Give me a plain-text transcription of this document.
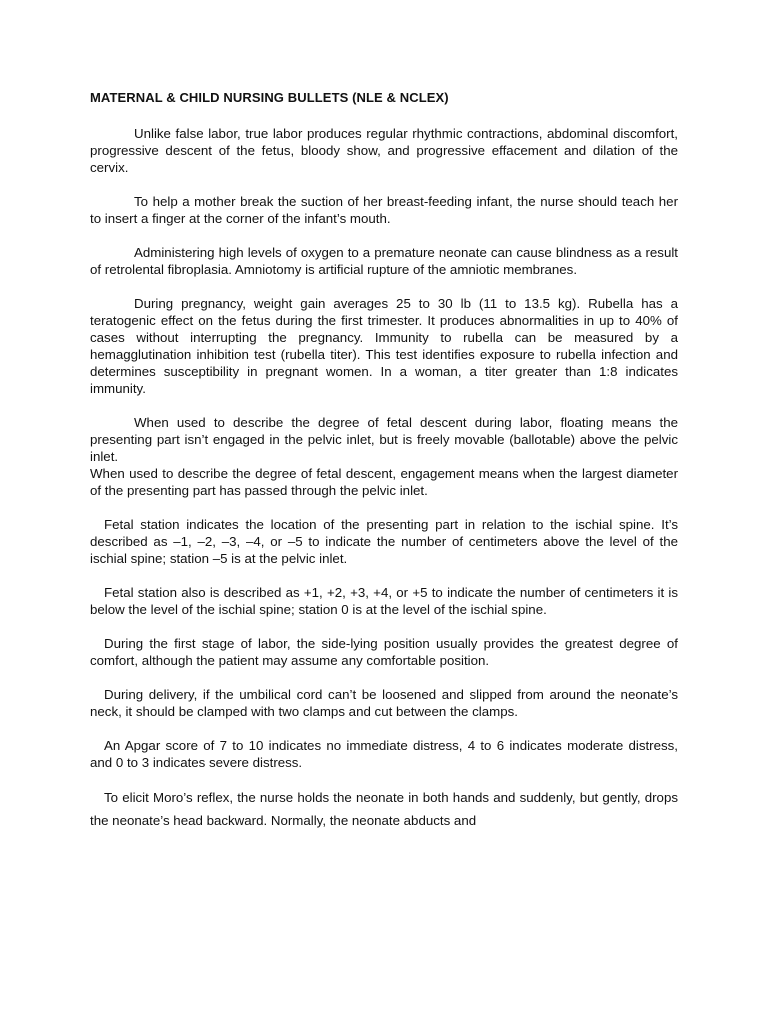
MATERNAL & CHILD NURSING BULLETS (NLE & NCLEX)

Unlike false labor, true labor produces regular rhythmic contractions, abdominal discomfort, progressive descent of the fetus, bloody show, and progressive effacement and dilation of the cervix.

To help a mother break the suction of her breast-feeding infant, the nurse should teach her to insert a finger at the corner of the infant’s mouth.

Administering high levels of oxygen to a premature neonate can cause blindness as a result of retrolental fibroplasia. Amniotomy is artificial rupture of the amniotic membranes.

During pregnancy, weight gain averages 25 to 30 lb (11 to 13.5 kg). Rubella has a teratogenic effect on the fetus during the first trimester. It produces abnormalities in up to 40% of cases without interrupting the pregnancy. Immunity to rubella can be measured by a hemagglutination inhibition test (rubella titer). This test identifies exposure to rubella infection and determines susceptibility in pregnant women. In a woman, a titer greater than 1:8 indicates immunity.

When used to describe the degree of fetal descent during labor, floating means the presenting part isn’t engaged in the pelvic inlet, but is freely movable (ballotable) above the pelvic inlet.

When used to describe the degree of fetal descent, engagement means when the largest diameter of the presenting part has passed through the pelvic inlet.

Fetal station indicates the location of the presenting part in relation to the ischial spine. It’s described as –1, –2, –3, –4, or –5 to indicate the number of centimeters above the level of the ischial spine; station –5 is at the pelvic inlet.

Fetal station also is described as +1, +2, +3, +4, or +5 to indicate the number of centimeters it is below the level of the ischial spine; station 0 is at the level of the ischial spine.

During the first stage of labor, the side-lying position usually provides the greatest degree of comfort, although the patient may assume any comfortable position.

During delivery, if the umbilical cord can’t be loosened and slipped from around the neonate’s neck, it should be clamped with two clamps and cut between the clamps.

An Apgar score of 7 to 10 indicates no immediate distress, 4 to 6 indicates moderate distress, and 0 to 3 indicates severe distress.

To elicit Moro’s reflex, the nurse holds the neonate in both hands and suddenly, but gently, drops the neonate’s head backward. Normally, the neonate abducts and
